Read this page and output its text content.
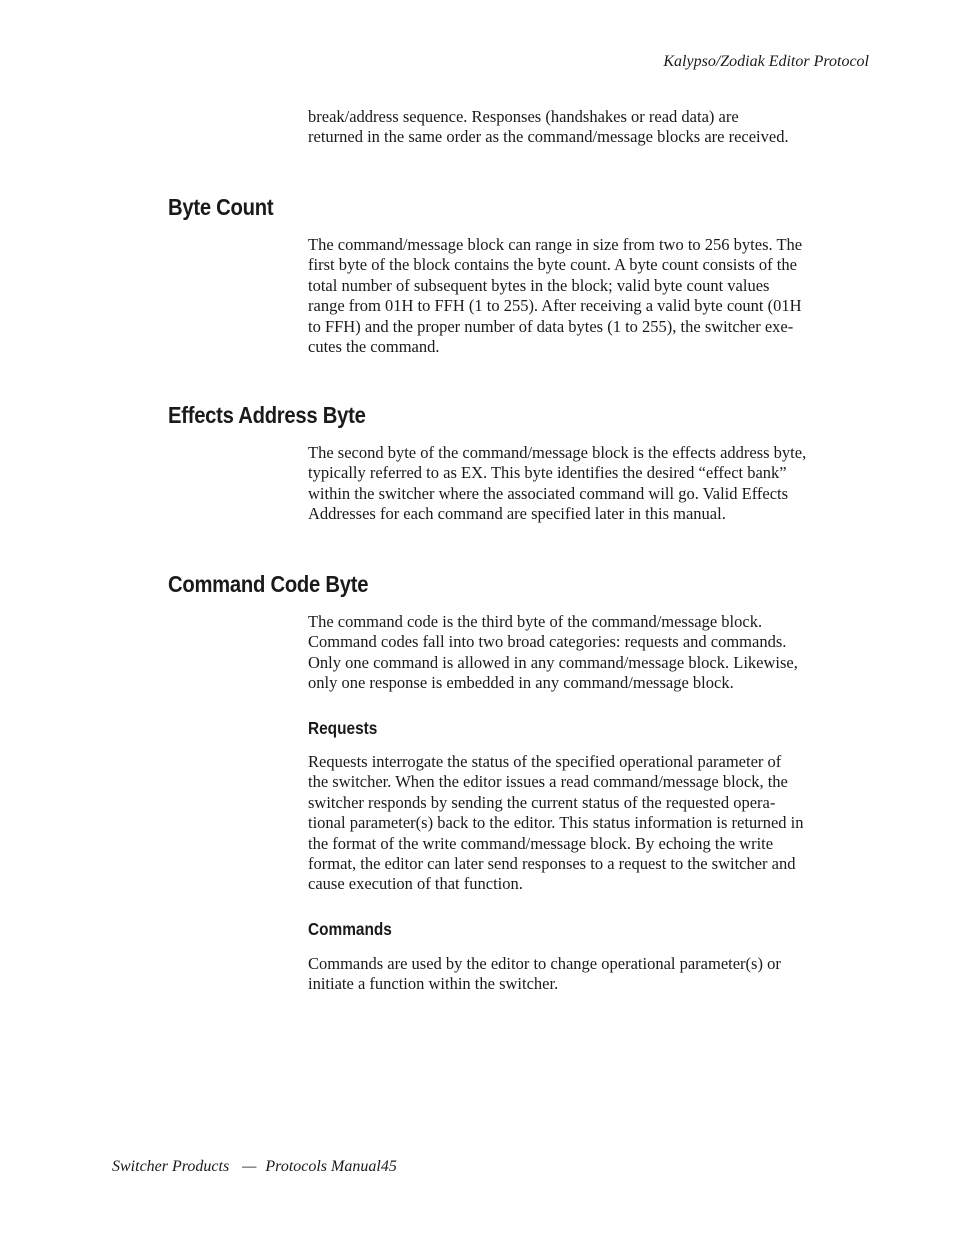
Kalypso/Zodiak Editor Protocol

break/address sequence. Responses (handshakes or read data) are
returned in the same order as the command/message blocks are received.

Byte Count

The command/message block can range in size from two to 256 bytes. The
first byte of the block contains the byte count. A byte count consists of the
total number of subsequent bytes in the block; valid byte count values
range from 01H to FFH (1 to 255). After receiving a valid byte count (01H
to FFH) and the proper number of data bytes (1 to 255), the switcher exe-
cutes the command.

Effects Address Byte

The second byte of the command/message block is the effects address byte,
typically referred to as EX. This byte identifies the desired “effect bank”
within the switcher where the associated command will go. Valid Effects
Addresses for each command are specified later in this manual.

Command Code Byte

The command code is the third byte of the command/message block.
Command codes fall into two broad categories: requests and commands.
Only one command is allowed in any command/message block. Likewise,
only one response is embedded in any command/message block.

Requests

Requests interrogate the status of the specified operational parameter of
the switcher. When the editor issues a read command/message block, the
switcher responds by sending the current status of the requested opera-
tional parameter(s) back to the editor. This status information is returned in
the format of the write command/message block. By echoing the write
format, the editor can later send responses to a request to the switcher and
cause execution of that function.

Commands

Commands are used by the editor to change operational parameter(s) or
initiate a function within the switcher.

Switcher Products — Protocols Manual45
